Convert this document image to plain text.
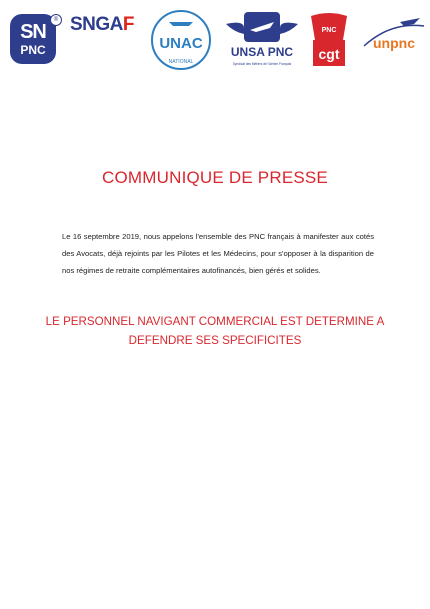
SN
PNC
® SNGAF
UNAC
NATIONAL
UNSA PNC
Syndicat des Métiers de l'Aérien Français
PNC
cgt
unpnc
COMMUNIQUE DE PRESSE
Le 16 septembre 2019, nous appelons l'ensemble des PNC français à manifester aux cotés des Avocats, déjà rejoints par les Pilotes et les Médecins, pour s'opposer à la disparition de nos régimes de retraite complémentaires autofinancés, bien gérés et solides.
LE PERSONNEL NAVIGANT COMMERCIAL EST DETERMINE A DEFENDRE SES SPECIFICITES
